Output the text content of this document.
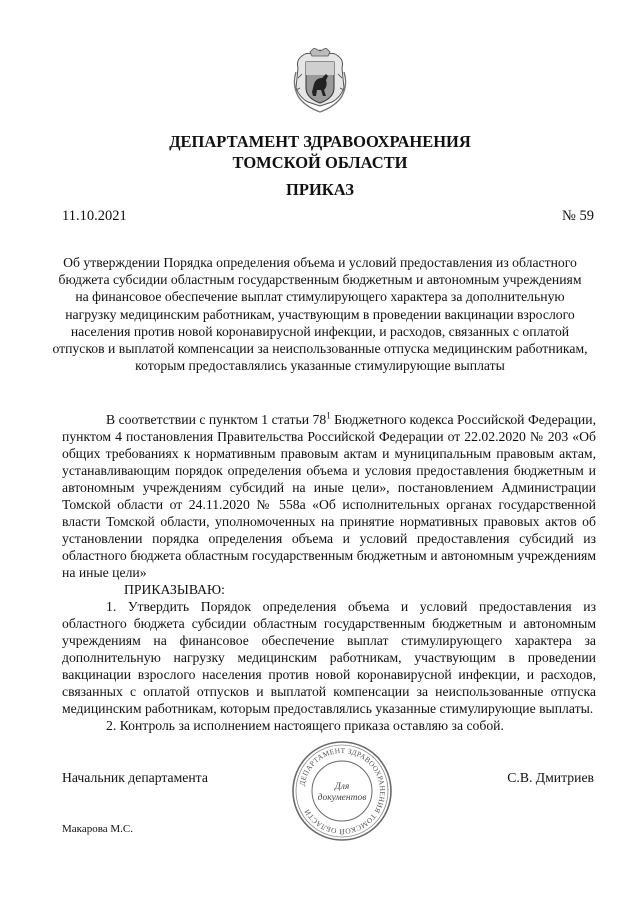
ДЕПАРТАМЕНТ ЗДРАВООХРАНЕНИЯ
ТОМСКОЙ ОБЛАСТИ
ПРИКАЗ
11.10.2021	№ 59
Об утверждении Порядка определения объема и условий предоставления из областного бюджета субсидии областным государственным бюджетным и автономным учреждениям на финансовое обеспечение выплат стимулирующего характера за дополнительную нагрузку медицинским работникам, участвующим в проведении вакцинации взрослого населения против новой коронавирусной инфекции, и расходов, связанных с оплатой отпусков и выплатой компенсации за неиспользованные отпуска медицинским работникам, которым предоставлялись указанные стимулирующие выплаты

В соответствии с пунктом 1 статьи $78^1$ Бюджетного кодекса Российской Федерации, пунктом 4 постановления Правительства Российской Федерации от 22.02.2020 № 203 «Об общих требованиях к нормативным правовым актам и муниципальным правовым актам, устанавливающим порядок определения объема и условия предоставления бюджетным и автономным учреждениям субсидий на иные цели», постановлением Администрации Томской области от 24.11.2020 № 558а «Об исполнительных органах государственной власти Томской области, уполномоченных на принятие нормативных правовых актов об установлении порядка определения объема и условий предоставления субсидий из областного бюджета областным государственным бюджетным и автономным учреждениям на иные цели»

ПРИКАЗЫВАЮ:

1. Утвердить Порядок определения объема и условий предоставления из областного бюджета субсидии областным государственным бюджетным и автономным учреждениям на финансовое обеспечение выплат стимулирующего характера за дополнительную нагрузку медицинским работникам, участвующим в проведении вакцинации взрослого населения против новой коронавирусной инфекции, и расходов, связанных с оплатой отпусков и выплатой компенсации за неиспользованные отпуска медицинским работникам, которым предоставлялись указанные стимулирующие выплаты.

2. Контроль за исполнением настоящего приказа оставляю за собой.

Начальник департамента	ДЕПАРТАМЕНТ ЗДРАВООХРАНЕНИЯ ТОМСКОЙ ОБЛАСТИ
Для
документов
С.В. Дмитриев
Макарова М.С.
